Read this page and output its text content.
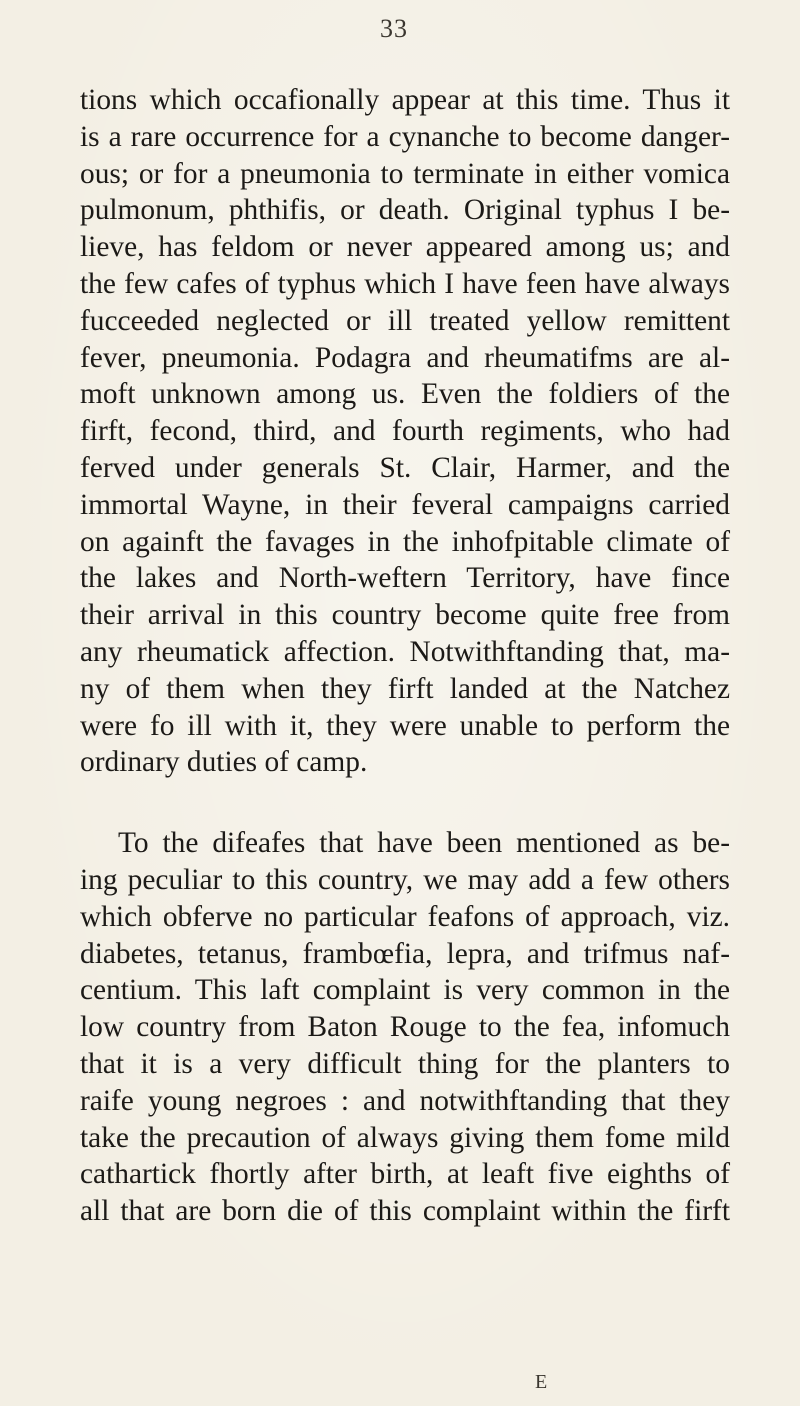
33
tions which occafionally appear at this time. Thus it
is a rare occurrence for a cynanche to become danger-
ous; or for a pneumonia to terminate in either vomica
pulmonum, phthifis, or death. Original typhus I be-
lieve, has feldom or never appeared among us; and
the few cafes of typhus which I have feen have always
fucceeded neglected or ill treated yellow remittent
fever, pneumonia. Podagra and rheumatifms are al-
moft unknown among us. Even the foldiers of the
firft, fecond, third, and fourth regiments, who had
ferved under generals St. Clair, Harmer, and the
immortal Wayne, in their feveral campaigns carried
on againft the favages in the inhofpitable climate of
the lakes and North-weftern Territory, have fince
their arrival in this country become quite free from
any rheumatick affection. Notwithftanding that, ma-
ny of them when they firft landed at the Natchez
were fo ill with it, they were unable to perform the
ordinary duties of camp.
To the difeafes that have been mentioned as be-
ing peculiar to this country, we may add a few others
which obferve no particular feafons of approach, viz.
diabetes, tetanus, frambœfia, lepra, and trifmus naf-
centium. This laft complaint is very common in the
low country from Baton Rouge to the fea, infomuch
that it is a very difficult thing for the planters to
raife young negroes : and notwithftanding that they
take the precaution of always giving them fome mild
cathartick fhortly after birth, at leaft five eighths of
all that are born die of this complaint within the firft
E
